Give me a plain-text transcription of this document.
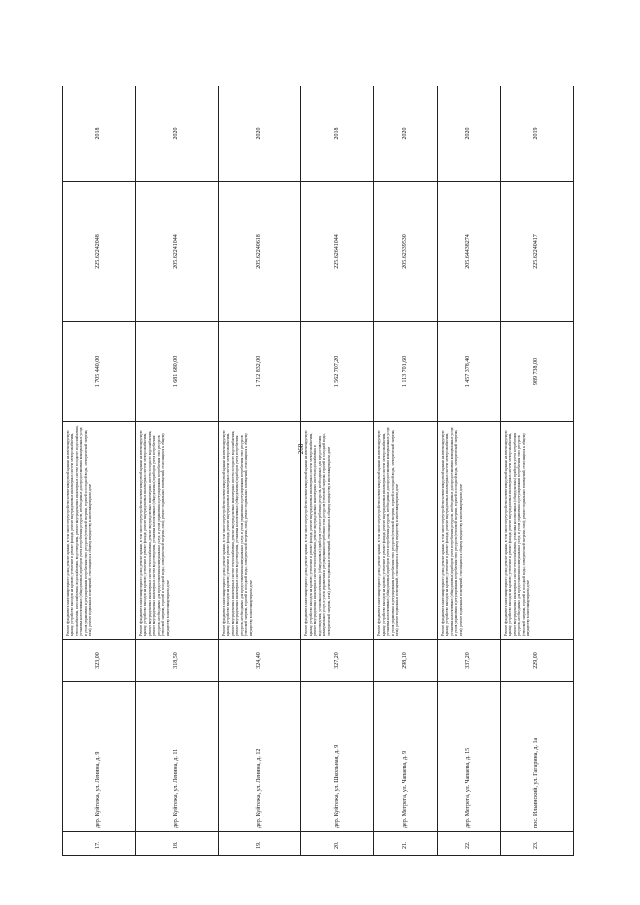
268
17.	дер. Куйтежа, ул. Ленина, д. 9	323,00	Ремонт фундамента многоквартирного дома; ремонт крыши, в том числе переустройство невентилируемой крыши на вентилируемую крышу, устройство выходов на кровлю; утепление и ремонт фасада; ремонт внутридомовых инженерных систем электроснабжения, теплоснабжения, газоснабжения, водоснабжения, водоотведения, ремонт внутридомовых инженерных систем холодного водоснабжения, установка коллективных (общедомовых) приборов учета потребления ресурсов, необходимых для предоставления коммунальных услуг, и узлов управления и регулирования потребления этих ресурсов (тепловой энергии, горячей и холодной воды, электрической энергии, газа); ремонт подвальных помещений, относящихся к общему имуществу в многоквартирном доме	1 705 440,00	225.62242048	2018
18.	дер. Куйтежа, ул. Ленина, д. 11	318,50	Ремонт фундамента многоквартирного дома; ремонт крыши, в том числе переустройство невентилируемой крыши на вентилируемую крышу, устройство выходов на кровлю; утепление и ремонт фасада; ремонт внутридомовых инженерных систем электроснабжения, ремонт внутридомовых инженерных систем теплоснабжения, ремонт внутридомовых инженерных систем холодного водоснабжения, ремонт внутридомовых инженерных систем водоотведения, установка коллективных (общедомовых) приборов учета потребления ресурсов, необходимых для предоставления коммунальных услуг, и узлов управления и регулирования потребления этих ресурсов (тепловой энергии, горячей и холодной воды, электрической энергии, газа); ремонт подвальных помещений, относящихся к общему имуществу в многоквартирном доме	1 681 680,00	205.62241044	2020
19.	дер. Куйтежа, ул. Ленина, д. 12	324,40	Ремонт фундамента многоквартирного дома; ремонт крыши, в том числе переустройство невентилируемой крыши на вентилируемую крышу, устройство выходов на кровлю; утепление и ремонт фасада; ремонт внутридомовых инженерных систем электроснабжения, ремонт внутридомовых инженерных систем теплоснабжения, ремонт внутридомовых инженерных систем холодного водоснабжения, ремонт внутридомовых инженерных систем водоотведения, установка коллективных (общедомовых) приборов учета потребления ресурсов, необходимых для предоставления коммунальных услуг, и узлов управления и регулирования потребления этих ресурсов (тепловой энергии, горячей и холодной воды, электрической энергии, газа); ремонт подвальных помещений, относящихся к общему имуществу в многоквартирном доме	1 712 832,00	205.62240618	2020
20.	дер. Куйтежа, ул. Школьная, д. 9	327,20	Ремонт фундамента многоквартирного дома; ремонт крыши, в том числе переустройство невентилируемой крыши на вентилируемую крышу, устройство выходов на кровлю; утепление и ремонт фасада; ремонт внутридомовых инженерных систем электроснабжения, ремонт внутридомовых инженерных систем теплоснабжения, ремонт внутридомовых инженерных систем водоснабжения и водоотведения, установка коллективных (общедомовых) приборов учета потребления ресурсов, необходимых для предоставления коммунальных услуг, и узлов управления и регулирования потребления этих ресурсов (тепловой энергии, горячей и холодной воды, электрической энергии, газа); ремонт подвальных помещений, относящихся к общему имуществу в многоквартирном доме	1 562 707,20	225.62641044	2018
21.	дер. Мегрега, ул. Чапаева, д. 9	298,10	Ремонт фундамента многоквартирного дома; ремонт крыши, в том числе переустройство невентилируемой крыши на вентилируемую крышу, устройство выходов на кровлю; утепление и ремонт фасада; ремонт внутридомовых инженерных систем электроснабжения, установка коллективных (общедомовых) приборов учета потребления ресурсов, необходимых для предоставления коммунальных услуг, и узлов управления и регулирования потребления этих ресурсов (тепловой энергии, горячей и холодной воды, электрической энергии, газа); ремонт подвальных помещений, относящихся к общему имуществу в многоквартирном доме	1 113 701,60	205.62339530	2020
22.	дер. Мегрега, ул. Чапаева, д. 15	337,20	Ремонт фундамента многоквартирного дома; ремонт крыши, в том числе переустройство невентилируемой крыши на вентилируемую крышу, устройство выходов на кровлю; утепление и ремонт фасада; ремонт внутридомовых инженерных систем электроснабжения, установка коллективных (общедомовых) приборов учета потребления ресурсов, необходимых для предоставления коммунальных услуг, и узлов управления и регулирования потребления этих ресурсов (тепловой энергии, горячей и холодной воды, электрической энергии, газа); ремонт подвальных помещений, относящихся к общему имуществу в многоквартирном доме	1 457 378,40	205.64438274	2020
23.	пос. Ильинский, ул. Гагарина, д. 1а	229,00	Ремонт фундамента многоквартирного дома; ремонт крыши, в том числе переустройство невентилируемой крыши на вентилируемую крышу, устройство выходов на кровлю; утепление и ремонт фасада; ремонт внутридомовых инженерных систем электроснабжения, ремонт внутридомовых инженерных систем теплоснабжения, установка коллективных (общедомовых) приборов учета потребления ресурсов, необходимых для предоставления коммунальных услуг, и узлов управления и регулирования потребления этих ресурсов (тепловой энергии, горячей и холодной воды, электрической энергии, газа); ремонт подвальных помещений, относящихся к общему имуществу в многоквартирном доме	989 738,00	225.62240417	2019
